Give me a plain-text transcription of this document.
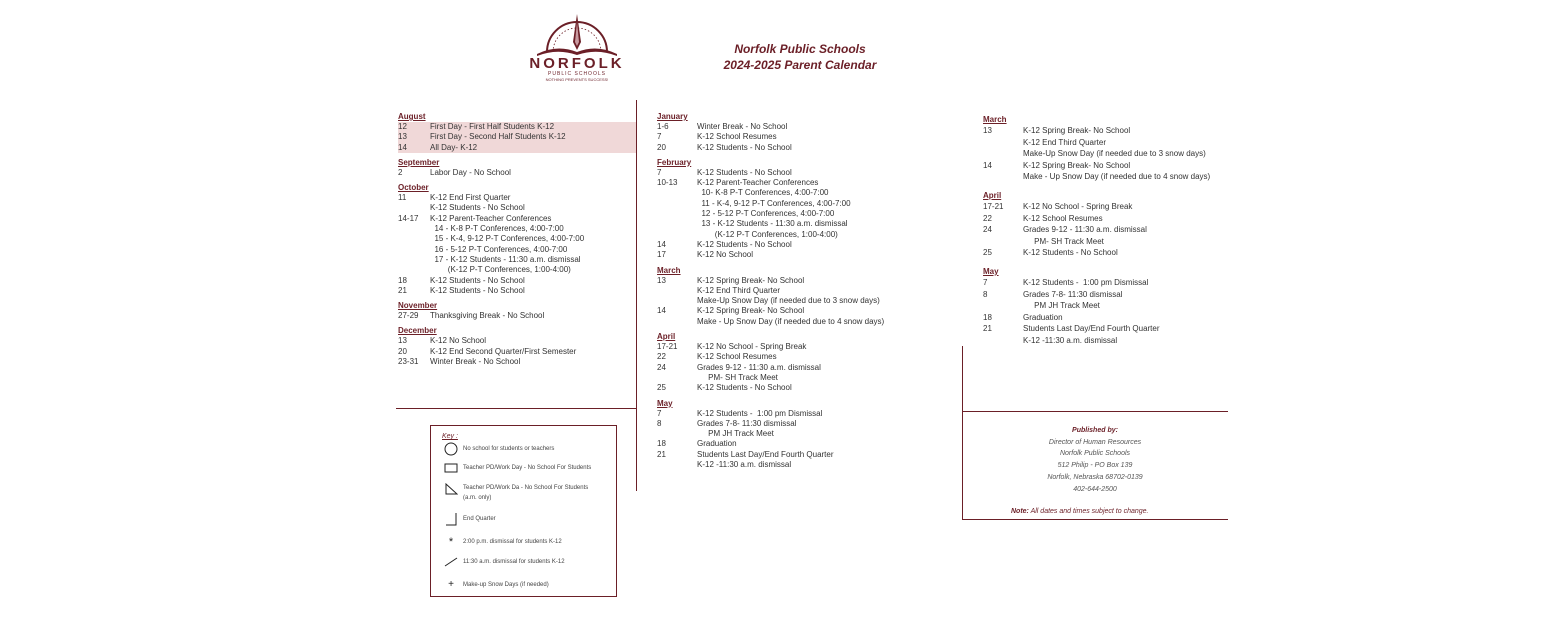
NORFOLK
PUBLIC SCHOOLS
NOTHING PREVENTS SUCCESS!
Norfolk Public Schools
2024-2025 Parent Calendar
August
12	First Day - First Half Students K-12
13	First Day - Second Half Students K-12
14	All Day- K-12
September
2	Labor Day - No School
October
11	K-12 End First Quarter
K-12 Students - No School
14-17	K-12 Parent-Teacher Conferences
14 - K-8 P-T Conferences, 4:00-7:00
15 - K-4, 9-12 P-T Conferences, 4:00-7:00
16 - 5-12 P-T Conferences, 4:00-7:00
17 - K-12 Students - 11:30 a.m. dismissal
(K-12 P-T Conferences, 1:00-4:00)
18	K-12 Students - No School
21	K-12 Students - No School
November
27-29	Thanksgiving Break - No School
December
13	K-12 No School
20	K-12 End Second Quarter/First Semester
23-31	Winter Break - No School
January
1-6	Winter Break - No School
7	K-12 School Resumes
20	K-12 Students - No School
February
7	K-12 Students - No School
10-13	K-12 Parent-Teacher Conferences
10- K-8 P-T Conferences, 4:00-7:00
11 - K-4, 9-12 P-T Conferences, 4:00-7:00
12 - 5-12 P-T Conferences, 4:00-7:00
13 - K-12 Students - 11:30 a.m. dismissal
(K-12 P-T Conferences, 1:00-4:00)
14	K-12 Students - No School
17	K-12 No School
March
13	K-12 Spring Break- No School
K-12 End Third Quarter
Make-Up Snow Day (if needed due to 3 snow days)
14	K-12 Spring Break- No School
Make - Up Snow Day (if needed due to 4 snow days)
April
17-21	K-12 No School - Spring Break
22	K-12 School Resumes
24	Grades 9-12 - 11:30 a.m. dismissal
PM- SH Track Meet
25	K-12 Students - No School
May
7	K-12 Students -  1:00 pm Dismissal
8	Grades 7-8- 11:30 dismissal
PM JH Track Meet
18	Graduation
21	Students Last Day/End Fourth Quarter
K-12 -11:30 a.m. dismissal
March
13	K-12 Spring Break- No School
K-12 End Third Quarter
Make-Up Snow Day (if needed due to 3 snow days)
14	K-12 Spring Break- No School
Make - Up Snow Day (if needed due to 4 snow days)
April
17-21	K-12 No School - Spring Break
22	K-12 School Resumes
24	Grades 9-12 - 11:30 a.m. dismissal
PM- SH Track Meet
25	K-12 Students - No School
May
7	K-12 Students -  1:00 pm Dismissal
8	Grades 7-8- 11:30 dismissal
PM JH Track Meet
18	Graduation
21	Students Last Day/End Fourth Quarter
K-12 -11:30 a.m. dismissal
Key :
No school for students or teachers
Teacher PD/Work Day - No School For Students
Teacher PD/Work Da - No School For Students
(a.m. only)
End Quarter
*	2:00 p.m. dismissal for students K-12
11:30 a.m. dismissal for students K-12
+	Make-up Snow Days (if needed)
Published by:
Director of Human Resources
Norfolk Public Schools
512 Philip - PO Box 139
Norfolk, Nebraska 68702-0139
402-644-2500
Note: All dates and times subject to change.
